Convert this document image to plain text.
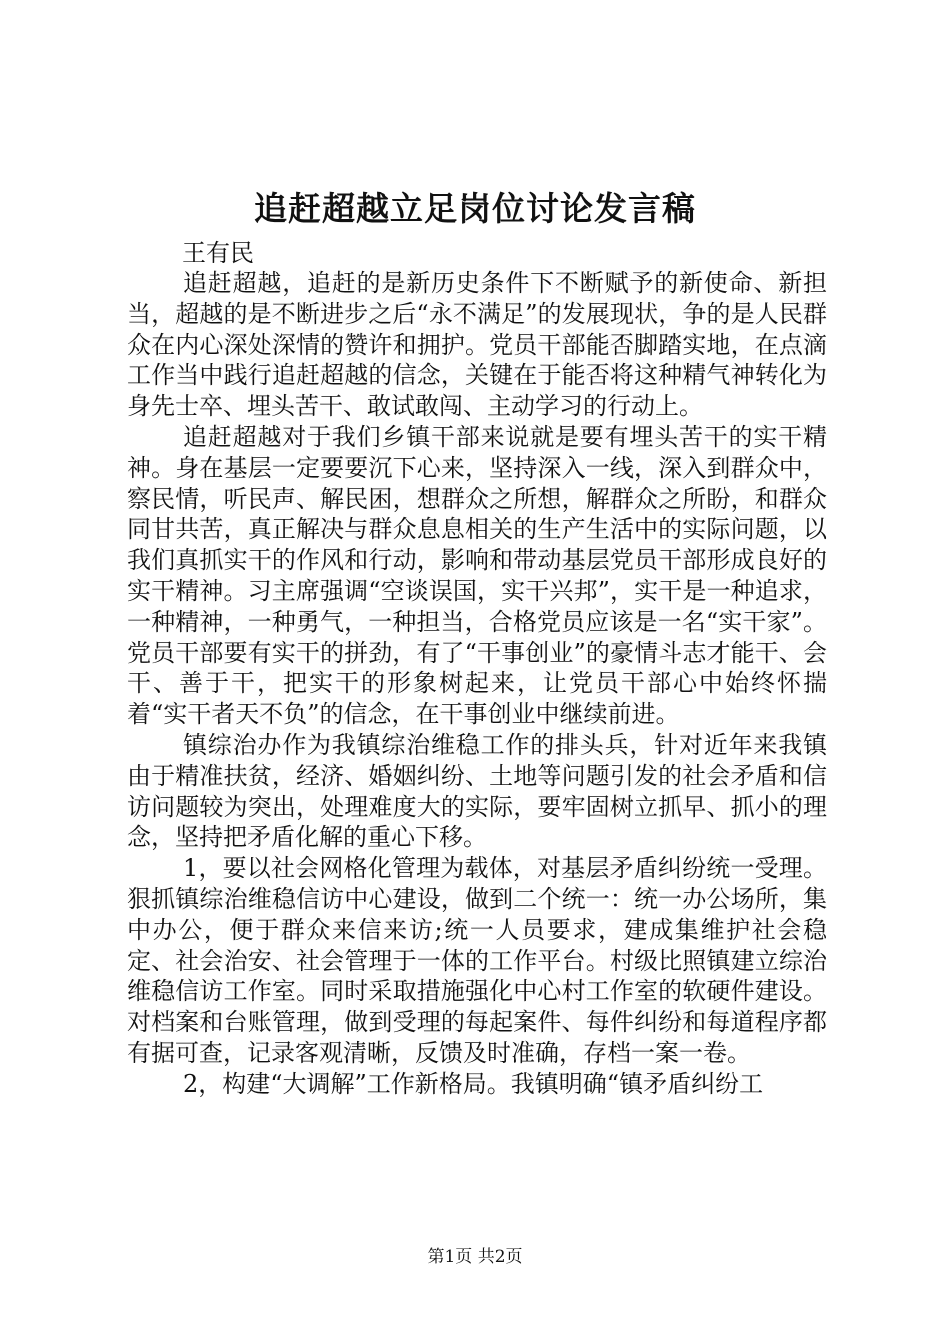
追赶超越立足岗位讨论发言稿
王有民

追赶超越，追赶的是新历史条件下不断赋予的新使命、新担当，超越的是不断进步之后“永不满足”的发展现状，争的是人民群众在内心深处深情的赞许和拥护。党员干部能否脚踏实地，在点滴工作当中践行追赶超越的信念，关键在于能否将这种精气神转化为身先士卒、埋头苦干、敢试敢闯、主动学习的行动上。

追赶超越对于我们乡镇干部来说就是要有埋头苦干的实干精神。身在基层一定要要沉下心来，坚持深入一线，深入到群众中，察民情，听民声、解民困，想群众之所想，解群众之所盼，和群众同甘共苦，真正解决与群众息息相关的生产生活中的实际问题，以我们真抓实干的作风和行动，影响和带动基层党员干部形成良好的实干精神。习主席强调“空谈误国，实干兴邦”，实干是一种追求，一种精神，一种勇气，一种担当，合格党员应该是一名“实干家”。党员干部要有实干的拼劲，有了“干事创业”的豪情斗志才能干、会干、善于干，把实干的形象树起来，让党员干部心中始终怀揣着“实干者天不负”的信念，在干事创业中继续前进。

镇综治办作为我镇综治维稳工作的排头兵，针对近年来我镇由于精准扶贫，经济、婚姻纠纷、土地等问题引发的社会矛盾和信访问题较为突出，处理难度大的实际，要牢固树立抓早、抓小的理念，坚持把矛盾化解的重心下移。

1，要以社会网格化管理为载体，对基层矛盾纠纷统一受理。狠抓镇综治维稳信访中心建设，做到二个统一：统一办公场所，集中办公，便于群众来信来访;统一人员要求，建成集维护社会稳定、社会治安、社会管理于一体的工作平台。村级比照镇建立综治维稳信访工作室。同时采取措施强化中心村工作室的软硬件建设。对档案和台账管理，做到受理的每起案件、每件纠纷和每道程序都有据可查，记录客观清晰，反馈及时准确，存档一案一卷。

2，构建“大调解”工作新格局。我镇明确“镇矛盾纠纷工

第1页 共2页
